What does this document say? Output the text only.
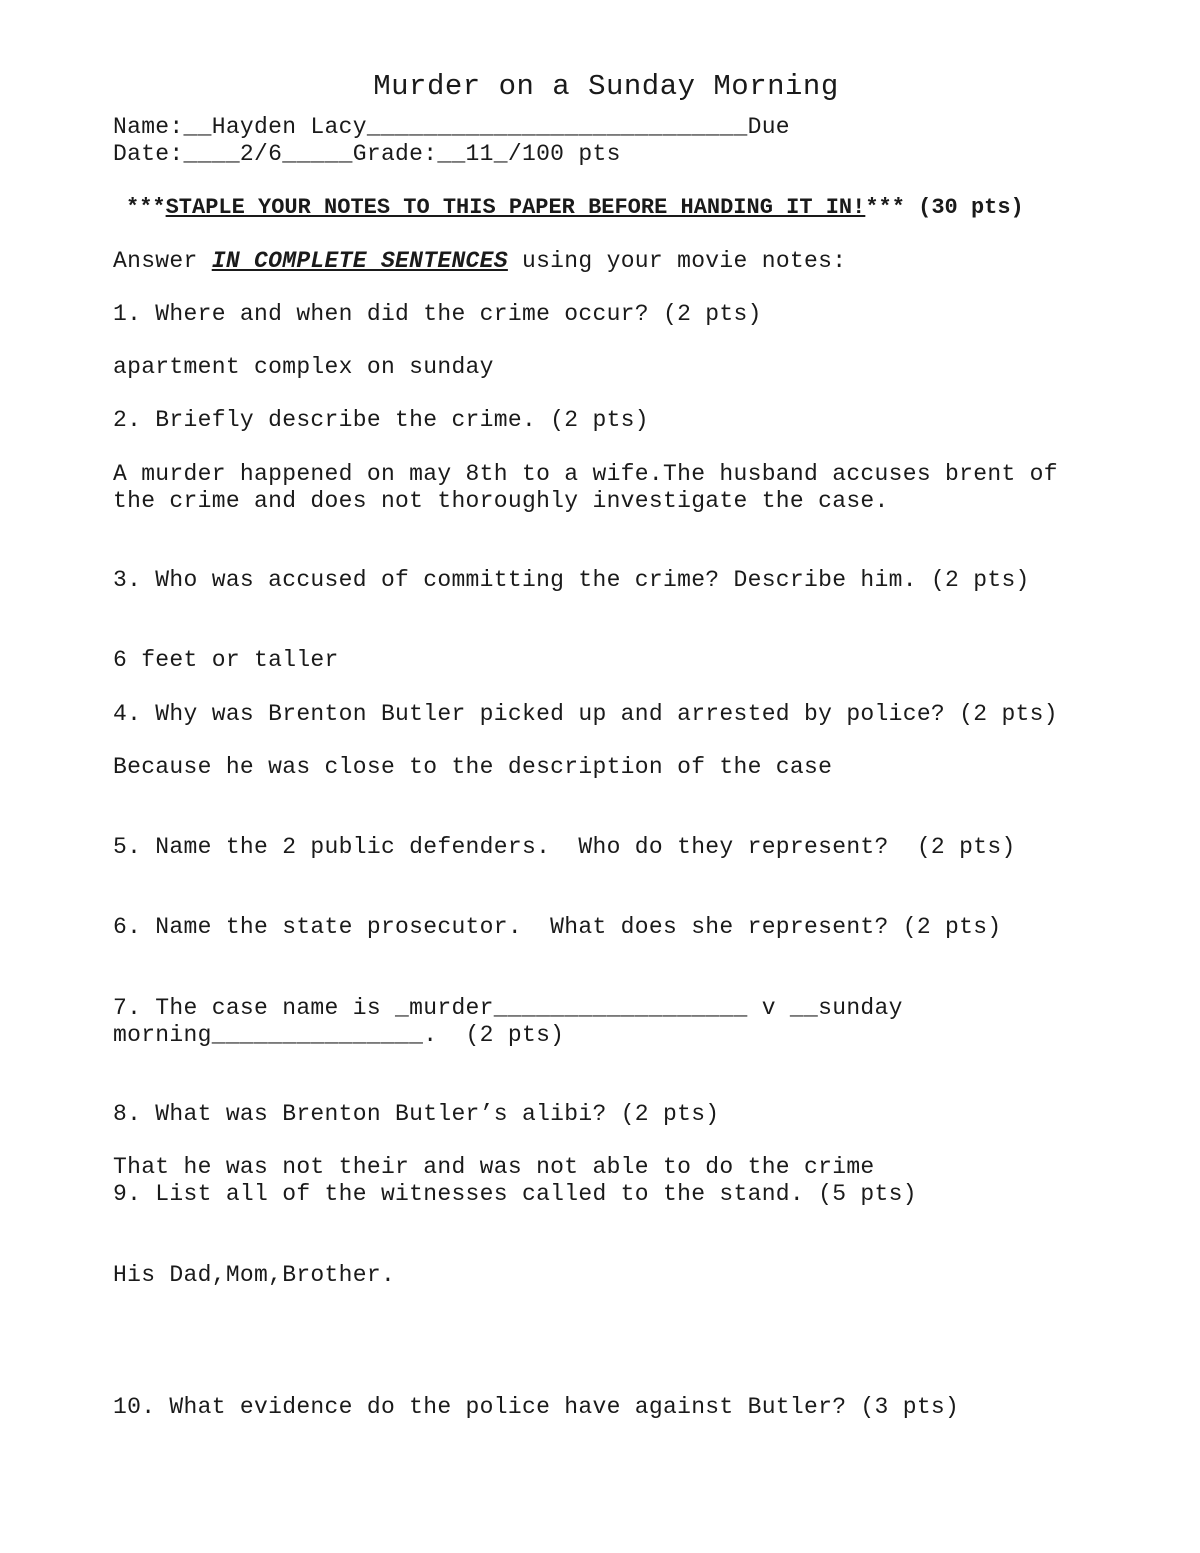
Murder on a Sunday Morning
Name:__Hayden Lacy___________________________Due
Date:____2/6_____Grade:__11_/100 pts
***STAPLE YOUR NOTES TO THIS PAPER BEFORE HANDING IT IN!*** (30 pts)
Answer IN COMPLETE SENTENCES using your movie notes:
1. Where and when did the crime occur? (2 pts)
apartment complex on sunday
2. Briefly describe the crime. (2 pts)
A murder happened on may 8th to a wife.The husband accuses brent of
the crime and does not thoroughly investigate the case.
3. Who was accused of committing the crime? Describe him. (2 pts)
6 feet or taller
4. Why was Brenton Butler picked up and arrested by police? (2 pts)
Because he was close to the description of the case
5. Name the 2 public defenders.  Who do they represent?  (2 pts)
6. Name the state prosecutor.  What does she represent? (2 pts)
7. The case name is _murder__________________ v __sunday
morning_______________.  (2 pts)
8. What was Brenton Butler’s alibi? (2 pts)
That he was not their and was not able to do the crime
9. List all of the witnesses called to the stand. (5 pts)
His Dad,Mom,Brother.
10. What evidence do the police have against Butler? (3 pts)
